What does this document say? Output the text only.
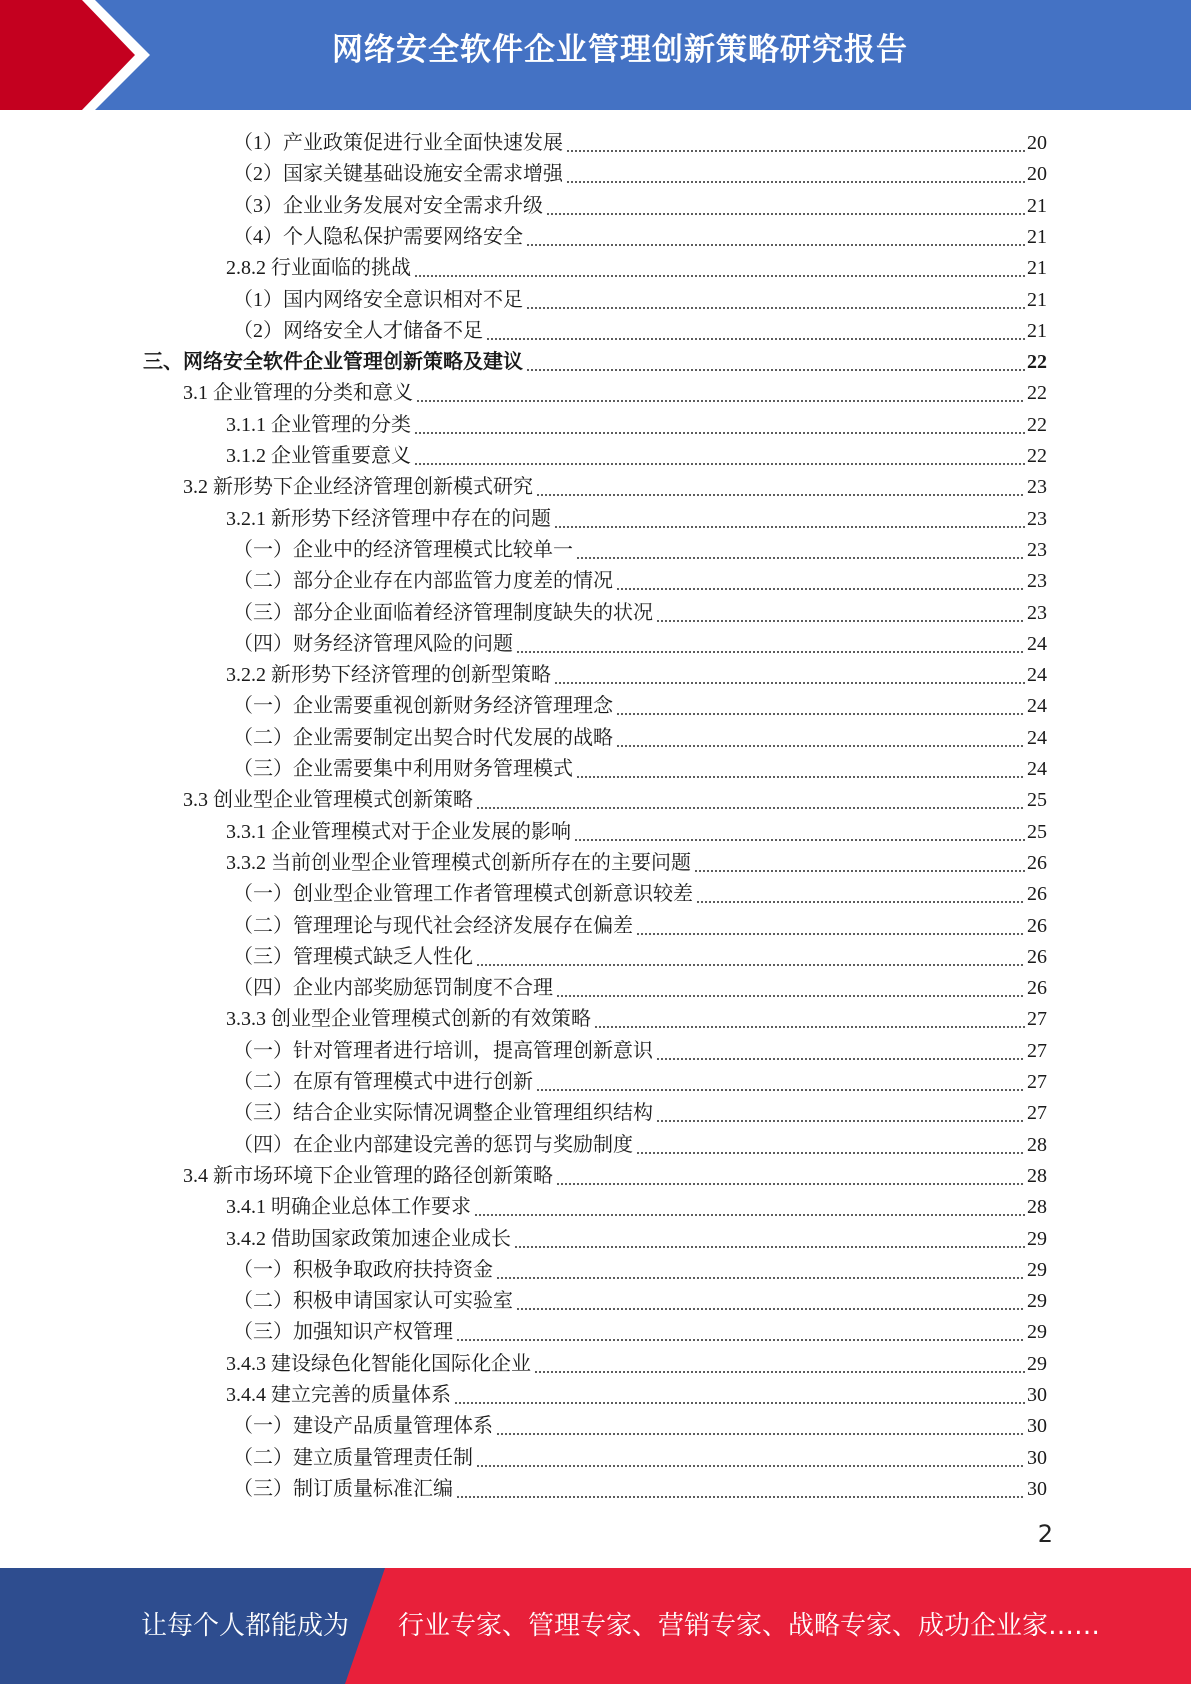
网络安全软件企业管理创新策略研究报告
（1）产业政策促进行业全面快速发展	20
（2）国家关键基础设施安全需求增强	20
（3）企业业务发展对安全需求升级	21
（4）个人隐私保护需要网络安全	21
2.8.2 行业面临的挑战	21
（1）国内网络安全意识相对不足	21
（2）网络安全人才储备不足	21
三、网络安全软件企业管理创新策略及建议	22
3.1 企业管理的分类和意义	22
3.1.1 企业管理的分类	22
3.1.2 企业管重要意义	22
3.2 新形势下企业经济管理创新模式研究	23
3.2.1 新形势下经济管理中存在的问题	23
（一）企业中的经济管理模式比较单一	23
（二）部分企业存在内部监管力度差的情况	23
（三）部分企业面临着经济管理制度缺失的状况	23
（四）财务经济管理风险的问题	24
3.2.2 新形势下经济管理的创新型策略	24
（一）企业需要重视创新财务经济管理理念	24
（二）企业需要制定出契合时代发展的战略	24
（三）企业需要集中利用财务管理模式	24
3.3 创业型企业管理模式创新策略	25
3.3.1 企业管理模式对于企业发展的影响	25
3.3.2 当前创业型企业管理模式创新所存在的主要问题	26
（一）创业型企业管理工作者管理模式创新意识较差	26
（二）管理理论与现代社会经济发展存在偏差	26
（三）管理模式缺乏人性化	26
（四）企业内部奖励惩罚制度不合理	26
3.3.3 创业型企业管理模式创新的有效策略	27
（一）针对管理者进行培训，提高管理创新意识	27
（二）在原有管理模式中进行创新	27
（三）结合企业实际情况调整企业管理组织结构	27
（四）在企业内部建设完善的惩罚与奖励制度	28
3.4 新市场环境下企业管理的路径创新策略	28
3.4.1 明确企业总体工作要求	28
3.4.2 借助国家政策加速企业成长	29
（一）积极争取政府扶持资金	29
（二）积极申请国家认可实验室	29
（三）加强知识产权管理	29
3.4.3 建设绿色化智能化国际化企业	29
3.4.4 建立完善的质量体系	30
（一）建设产品质量管理体系	30
（二）建立质量管理责任制	30
（三）制订质量标准汇编	30
2
让每个人都能成为 行业专家、管理专家、营销专家、战略专家、成功企业家……
